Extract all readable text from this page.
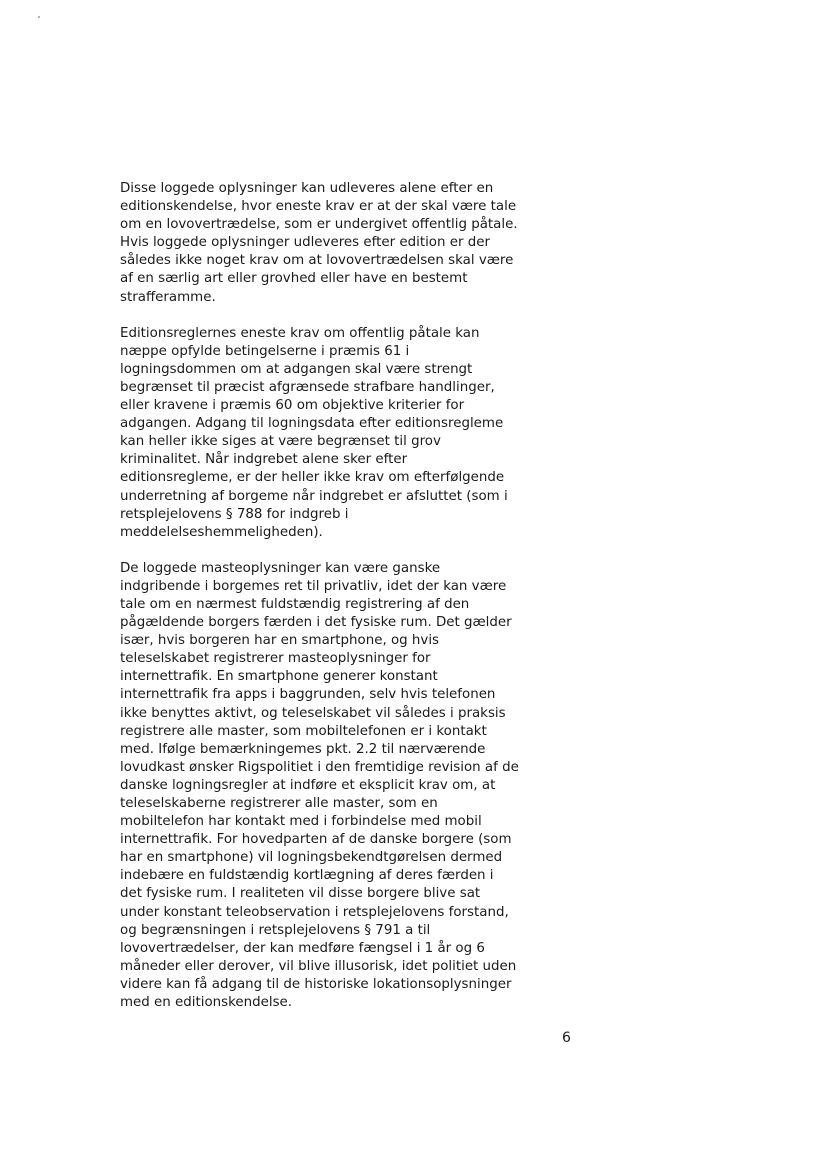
Disse loggede oplysninger kan udleveres alene efter en
editionskendelse, hvor eneste krav er at der skal være tale
om en lovovertrædelse, som er undergivet offentlig påtale.
Hvis loggede oplysninger udleveres efter edition er der
således ikke noget krav om at lovovertrædelsen skal være
af en særlig art eller grovhed eller have en bestemt
strafferamme.

Editionsreglernes eneste krav om offentlig påtale kan
næppe opfylde betingelserne i præmis 61 i
logningsdommen om at adgangen skal være strengt
begrænset til præcist afgrænsede strafbare handlinger,
eller kravene i præmis 60 om objektive kriterier for
adgangen. Adgang til logningsdata efter editionsregleme
kan heller ikke siges at være begrænset til grov
kriminalitet. Når indgrebet alene sker efter
editionsregleme, er der heller ikke krav om efterfølgende
underretning af borgeme når indgrebet er afsluttet (som i
retsplejelovens § 788 for indgreb i
meddelelseshemmeligheden).

De loggede masteoplysninger kan være ganske
indgribende i borgemes ret til privatliv, idet der kan være
tale om en nærmest fuldstændig registrering af den
pågældende borgers færden i det fysiske rum. Det gælder
især, hvis borgeren har en smartphone, og hvis
teleselskabet registrerer masteoplysninger for
internettrafik. En smartphone generer konstant
internettrafik fra apps i baggrunden, selv hvis telefonen
ikke benyttes aktivt, og teleselskabet vil således i praksis
registrere alle master, som mobiltelefonen er i kontakt
med. Ifølge bemærkningemes pkt. 2.2 til nærværende
lovudkast ønsker Rigspolitiet i den fremtidige revision af de
danske logningsregler at indføre et eksplicit krav om, at
teleselskaberne registrerer alle master, som en
mobiltelefon har kontakt med i forbindelse med mobil
internettrafik. For hovedparten af de danske borgere (som
har en smartphone) vil logningsbekendtgørelsen dermed
indebære en fuldstændig kortlægning af deres færden i
det fysiske rum. I realiteten vil disse borgere blive sat
under konstant teleobservation i retsplejelovens forstand,
og begrænsningen i retsplejelovens § 791 a til
lovovertrædelser, der kan medføre fængsel i 1 år og 6
måneder eller derover, vil blive illusorisk, idet politiet uden
videre kan få adgang til de historiske lokationsoplysninger
med en editionskendelse.

6
